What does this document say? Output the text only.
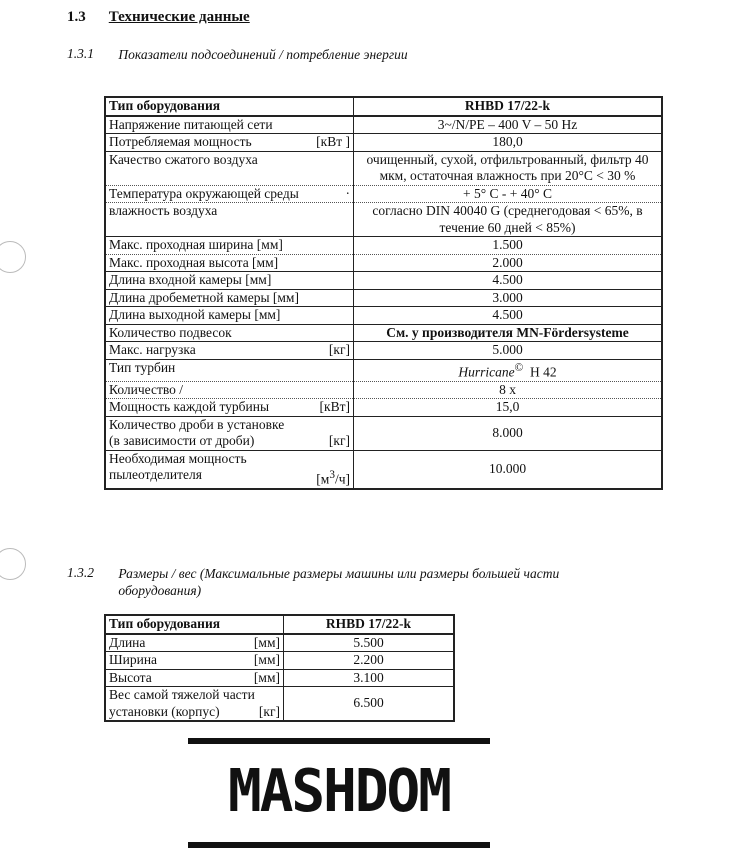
1.3 Технические данные
1.3.1 Показатели подсоединений / потребление энергии
Тип оборудования	RHBD 17/22-k
Напряжение питающей сети	3~/N/PE – 400 V – 50 Hz

Потребляемая мощность [кВт ]	180,0
Качество сжатого воздуха	очищенный, сухой, отфильтрованный, фильтр 40 мкм, остаточная влажность при 20°C < 30 %

Температура окружающей среды ·	+ 5° C - + 40° C
влажность воздуха	согласно DIN 40040 G (среднегодовая < 65%, в течение 60 дней < 85%)
Макс. проходная ширина [мм]	1.500
Макс. проходная высота [мм]	2.000
Длина входной камеры [мм]	4.500
Длина дробеметной камеры [мм]	3.000
Длина выходной камеры [мм]	4.500
Количество подвесок	См. у производителя MN-Fördersysteme

Макс. нагрузка [кг]	5.000
Тип турбин	Hurricane© H 42
Количество /	8 x

Мощность каждой турбины [кВт]	15,0

Количество дроби в установке
(в зависимости от дроби) [кг]	8.000

Необходимая мощность
пылеотделителя $[м^3/ч]$	10.000
1.3.2 Размеры / вес (Максимальные размеры машины или размеры большей части оборудования)
Тип оборудования	RHBD 17/22-k

Длина [мм]	5.500

Ширина [мм]	2.200

Высота [мм]	3.100

Вес самой тяжелой части
установки (корпус) [кг]	6.500
MASHDOM
